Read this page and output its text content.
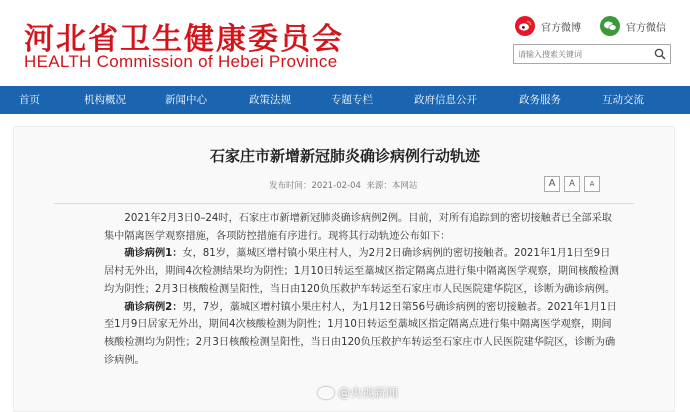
河北省卫生健康委员会
HEALTH Commission of Hebei Province
官方微博	官方微信
请输入搜索关键词
首页	机构概况	新闻中心	政策法规	专题专栏	政府信息公开	政务服务	互动交流
石家庄市新增新冠肺炎确诊病例行动轨迹
发布时间：2021-02-04 来源：本网站	A	A	A

2021年2月3日0–24时，石家庄市新增新冠肺炎确诊病例2例。目前，对所有追踪到的密切接触者已全部采取集中隔离医学观察措施，各项防控措施有序进行。现将其行动轨迹公布如下：

确诊病例1：女，81岁，藁城区增村镇小果庄村人，为2月2日确诊病例的密切接触者。2021年1月1日至9日居村无外出，期间4次检测结果均为阴性；1月10日转运至藁城区指定隔离点进行集中隔离医学观察，期间核酸检测均为阴性；2月3日核酸检测呈阳性，当日由120负压救护车转运至石家庄市人民医院建华院区，诊断为确诊病例。

确诊病例2：男，7岁，藁城区增村镇小果庄村人，为1月12日第56号确诊病例的密切接触者。2021年1月1日至1月9日居家无外出，期间4次核酸检测为阴性；1月10日转运至藁城区指定隔离点进行集中隔离医学观察，期间核酸检测均为阴性；2月3日核酸检测呈阳性，当日由120负压救护车转运至石家庄市人民医院建华院区，诊断为确诊病例。

@央视新闻
